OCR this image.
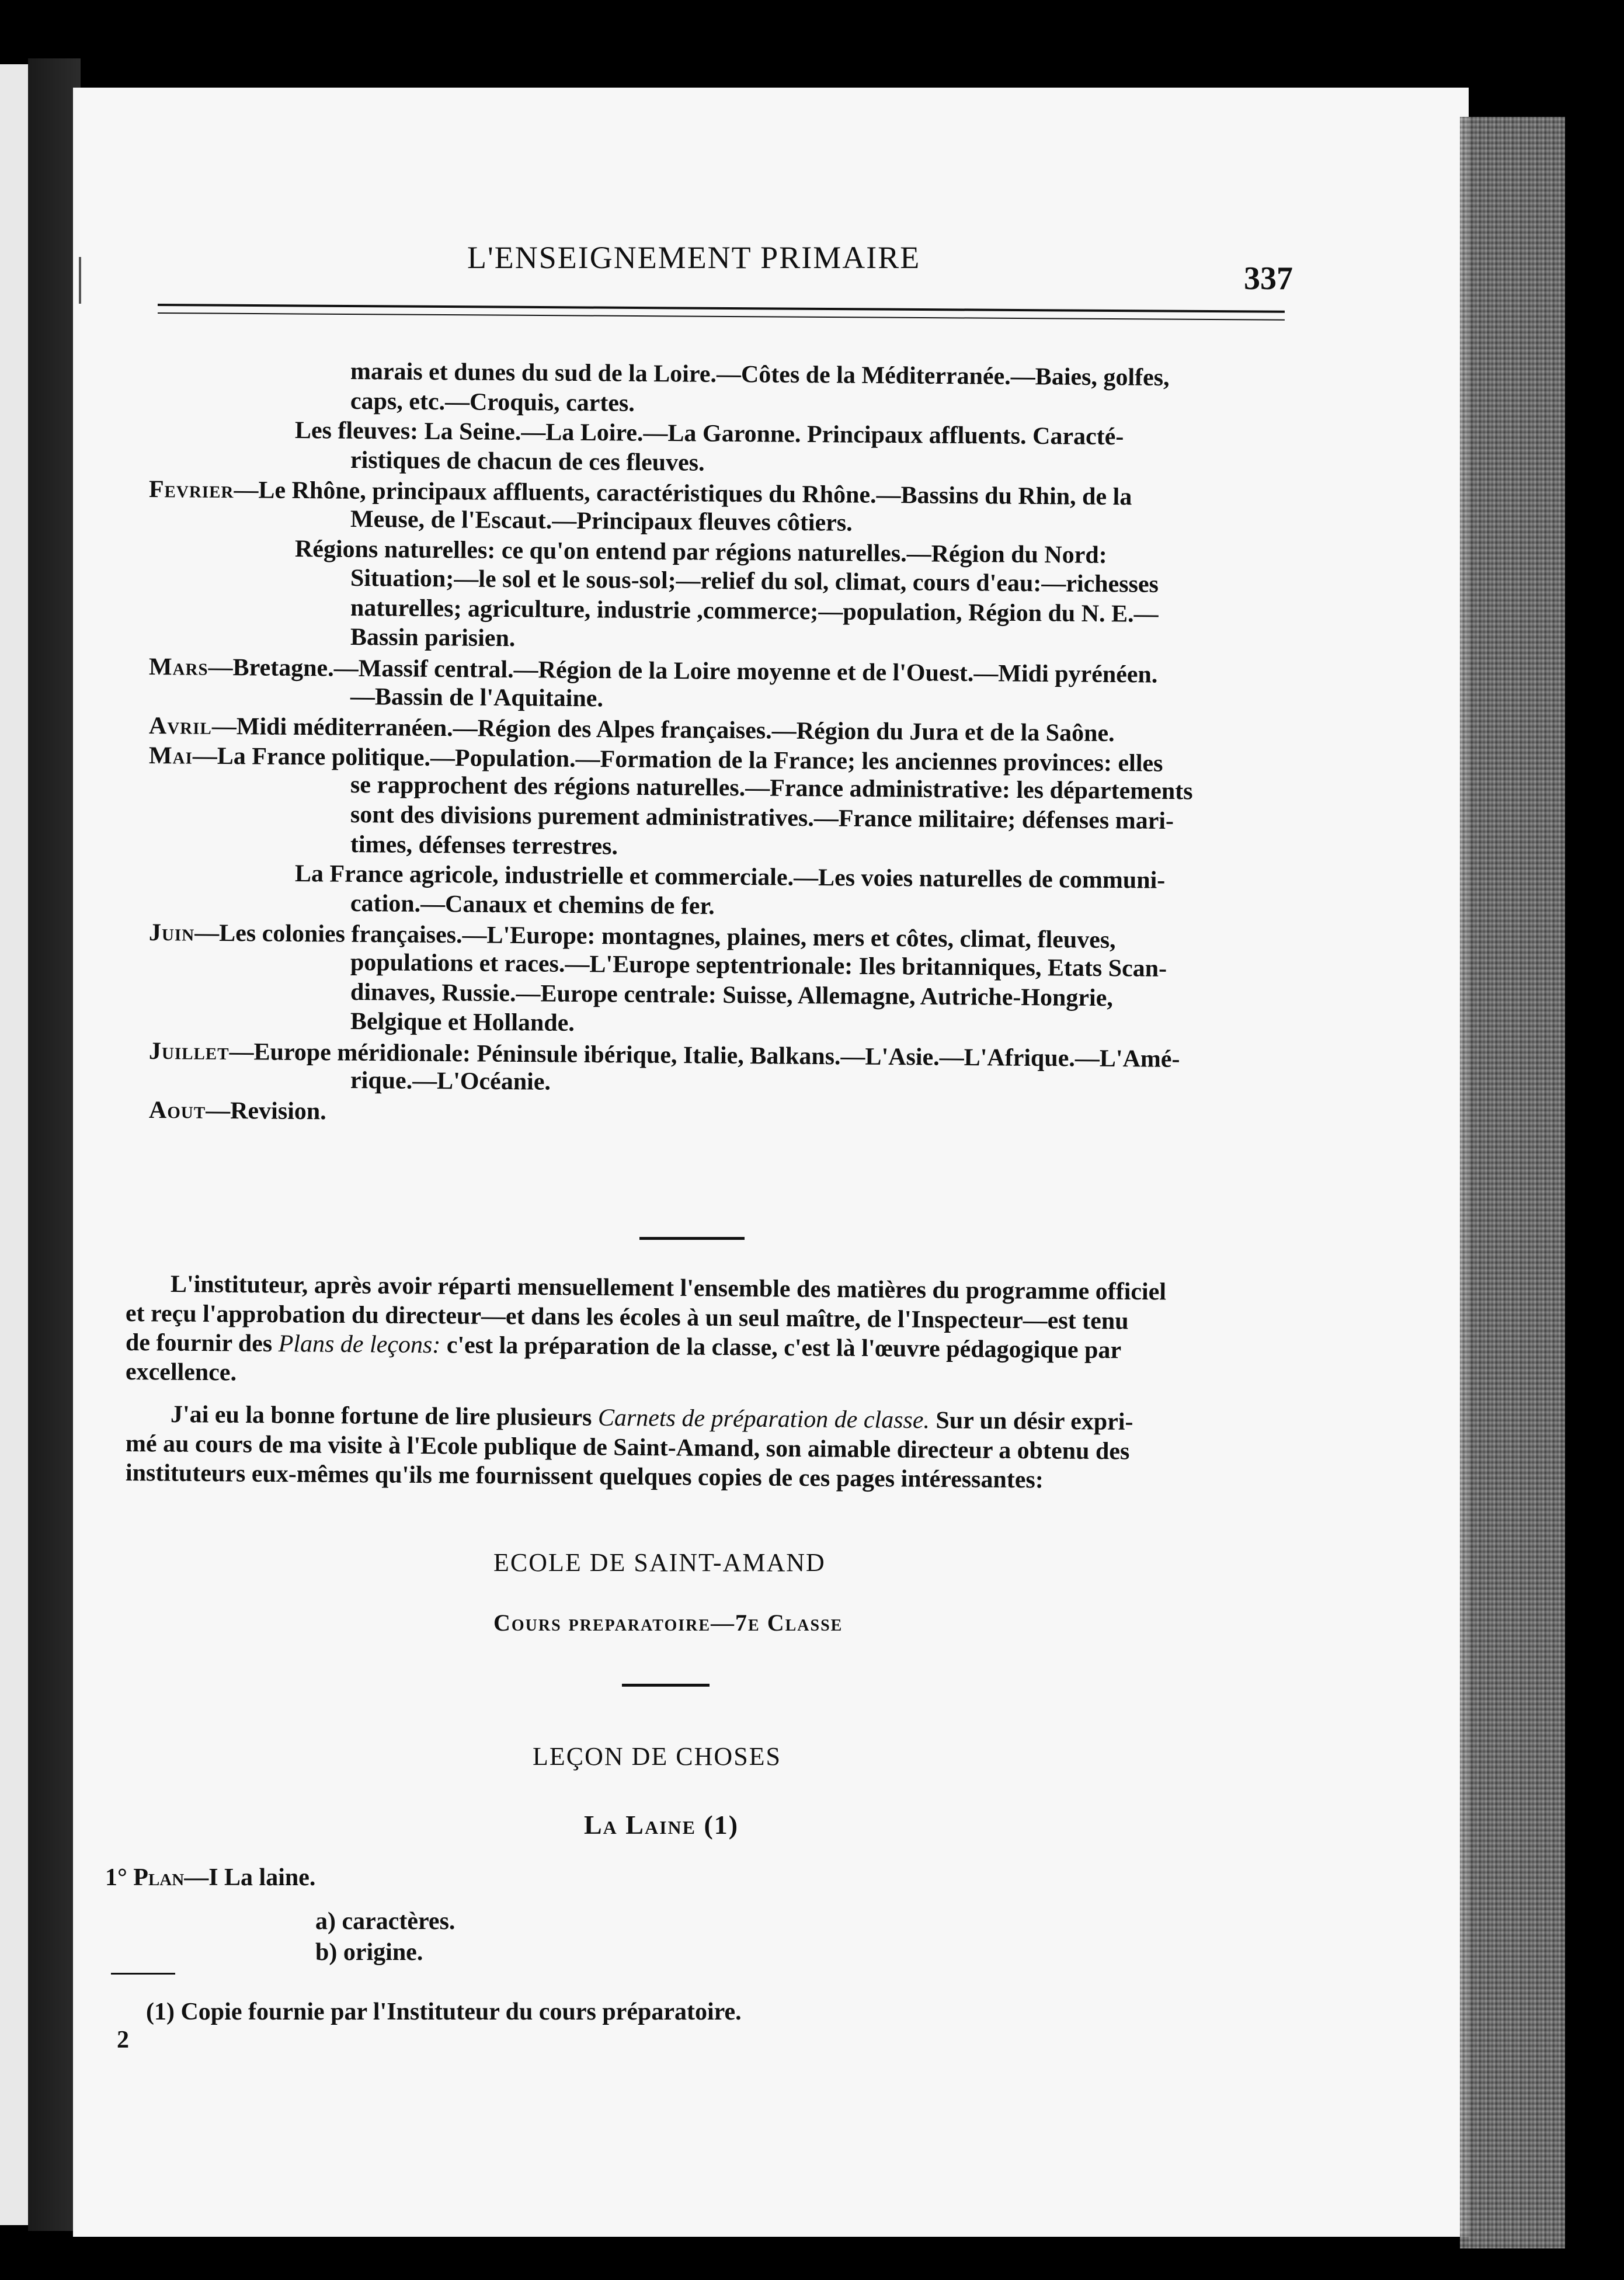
L'ENSEIGNEMENT PRIMAIRE
337
marais et dunes du sud de la Loire.—Côtes de la Méditerranée.—Baies, golfes,
caps, etc.—Croquis, cartes.
Les fleuves: La Seine.—La Loire.—La Garonne. Principaux affluents. Caracté-
ristiques de chacun de ces fleuves.
Fevrier—Le Rhône, principaux affluents, caractéristiques du Rhône.—Bassins du Rhin, de la
Meuse, de l'Escaut.—Principaux fleuves côtiers.
Régions naturelles: ce qu'on entend par régions naturelles.—Région du Nord:
Situation;—le sol et le sous-sol;—relief du sol, climat, cours d'eau:—richesses
naturelles; agriculture, industrie ,commerce;—population, Région du N. E.—
Bassin parisien.
Mars—Bretagne.—Massif central.—Région de la Loire moyenne et de l'Ouest.—Midi pyrénéen.
—Bassin de l'Aquitaine.
Avril—Midi méditerranéen.—Région des Alpes françaises.—Région du Jura et de la Saône.
Mai—La France politique.—Population.—Formation de la France; les anciennes provinces: elles
se rapprochent des régions naturelles.—France administrative: les départements
sont des divisions purement administratives.—France militaire; défenses mari-
times, défenses terrestres.
La France agricole, industrielle et commerciale.—Les voies naturelles de communi-
cation.—Canaux et chemins de fer.
Juin—Les colonies françaises.—L'Europe: montagnes, plaines, mers et côtes, climat, fleuves,
populations et races.—L'Europe septentrionale: Iles britanniques, Etats Scan-
dinaves, Russie.—Europe centrale: Suisse, Allemagne, Autriche-Hongrie,
Belgique et Hollande.
Juillet—Europe méridionale: Péninsule ibérique, Italie, Balkans.—L'Asie.—L'Afrique.—L'Amé-
rique.—L'Océanie.
Aout—Revision.
L'instituteur, après avoir réparti mensuellement l'ensemble des matières du programme officiel
et reçu l'approbation du directeur—et dans les écoles à un seul maître, de l'Inspecteur—est tenu
de fournir des Plans de leçons: c'est la préparation de la classe, c'est là l'œuvre pédagogique par
excellence.
J'ai eu la bonne fortune de lire plusieurs Carnets de préparation de classe. Sur un désir expri-
mé au cours de ma visite à l'Ecole publique de Saint-Amand, son aimable directeur a obtenu des
instituteurs eux-mêmes qu'ils me fournissent quelques copies de ces pages intéressantes:
ECOLE DE SAINT-AMAND
Cours preparatoire—7e Classe
LEÇON DE CHOSES
La Laine (1)
1° Plan—I La laine.
a) caractères.
b) origine.
(1) Copie fournie par l'Instituteur du cours préparatoire.
2
